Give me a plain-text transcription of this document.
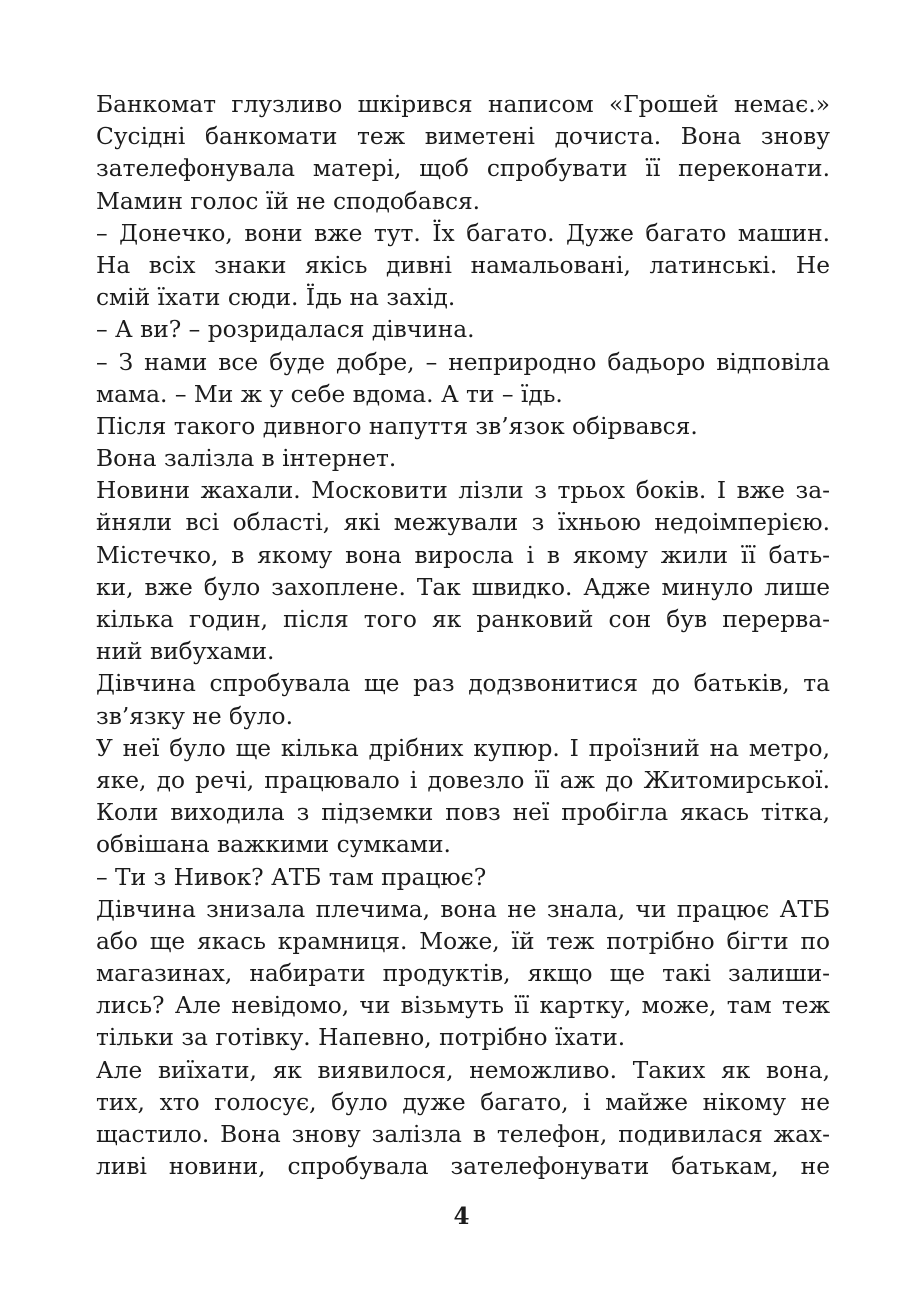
Банкомат глузливо шкірився написом «Грошей немає.»
Сусідні банкомати теж виметені дочиста. Вона знову
зателефонувала матері, щоб спробувати її переконати.
Мамин голос їй не сподобався.
– Донечко, вони вже тут. Їх багато. Дуже багато машин.
На всіх знаки якісь дивні намальовані, латинські. Не
смій їхати сюди. Їдь на захід.
– А ви? – розридалася дівчина.
– З нами все буде добре, – неприродно бадьоро відповіла
мама. – Ми ж у себе вдома. А ти – їдь.
Після такого дивного напуття зв’язок обірвався.
Вона залізла в інтернет.
Новини жахали. Московити лізли з трьох боків. І вже за-
йняли всі області, які межували з їхньою недоімперією.
Містечко, в якому вона виросла і в якому жили її бать-
ки, вже було захоплене. Так швидко. Адже минуло лише
кілька годин, після того як ранковий сон був перерва-
ний вибухами.
Дівчина спробувала ще раз додзвонитися до батьків, та
зв’язку не було.
У неї було ще кілька дрібних купюр. І проїзний на метро,
яке, до речі, працювало і довезло її аж до Житомирської.
Коли виходила з підземки повз неї пробігла якась тітка,
обвішана важкими сумками.
– Ти з Нивок? АТБ там працює?
Дівчина знизала плечима, вона не знала, чи працює АТБ
або ще якась крамниця. Може, їй теж потрібно бігти по
магазинах, набирати продуктів, якщо ще такі залиши-
лись? Але невідомо, чи візьмуть її картку, може, там теж
тільки за готівку. Напевно, потрібно їхати.
Але виїхати, як виявилося, неможливо. Таких як вона,
тих, хто голосує, було дуже багато, і майже нікому не
щастило. Вона знову залізла в телефон, подивилася жах-
ливі новини, спробувала зателефонувати батькам, не
4
